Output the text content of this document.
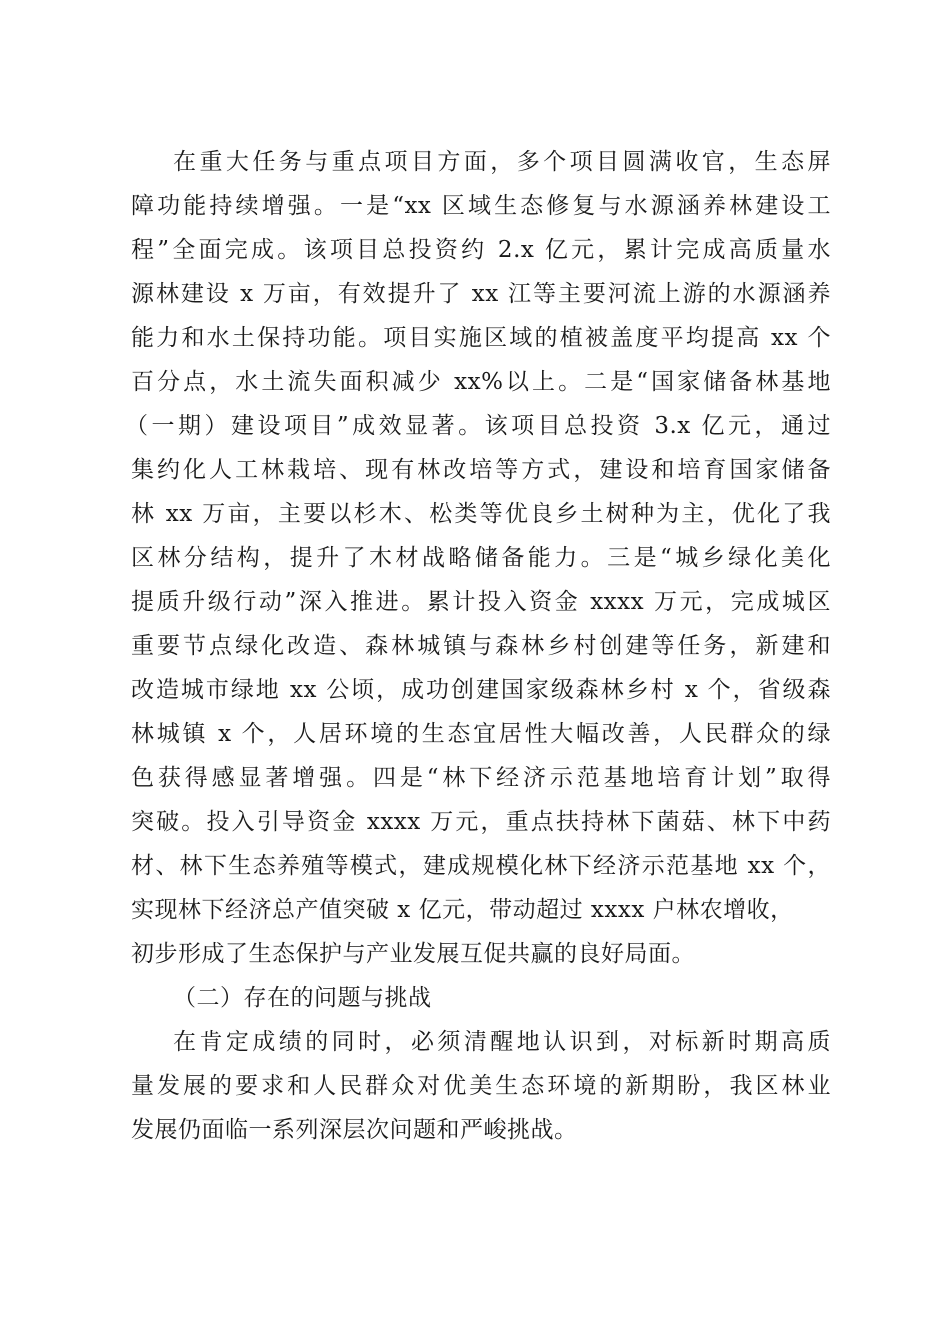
在重大任务与重点项目方面，多个项目圆满收官，生态屏
障功能持续增强。一是“xx 区域生态修复与水源涵养林建设工
程”全面完成。该项目总投资约 2.x 亿元，累计完成高质量水
源林建设 x 万亩，有效提升了 xx 江等主要河流上游的水源涵养
能力和水土保持功能。项目实施区域的植被盖度平均提高 xx 个
百分点，水土流失面积减少 xx%以上。二是“国家储备林基地
（一期）建设项目”成效显著。该项目总投资 3.x 亿元，通过
集约化人工林栽培、现有林改培等方式，建设和培育国家储备
林 xx 万亩，主要以杉木、松类等优良乡土树种为主，优化了我
区林分结构，提升了木材战略储备能力。三是“城乡绿化美化
提质升级行动”深入推进。累计投入资金 xxxx 万元，完成城区
重要节点绿化改造、森林城镇与森林乡村创建等任务，新建和
改造城市绿地 xx 公顷，成功创建国家级森林乡村 x 个，省级森
林城镇 x 个，人居环境的生态宜居性大幅改善，人民群众的绿
色获得感显著增强。四是“林下经济示范基地培育计划”取得
突破。投入引导资金 xxxx 万元，重点扶持林下菌菇、林下中药
材、林下生态养殖等模式，建成规模化林下经济示范基地 xx 个，
实现林下经济总产值突破 x 亿元，带动超过 xxxx 户林农增收，
初步形成了生态保护与产业发展互促共赢的良好局面。
（二）存在的问题与挑战
在肯定成绩的同时，必须清醒地认识到，对标新时期高质
量发展的要求和人民群众对优美生态环境的新期盼，我区林业
发展仍面临一系列深层次问题和严峻挑战。
